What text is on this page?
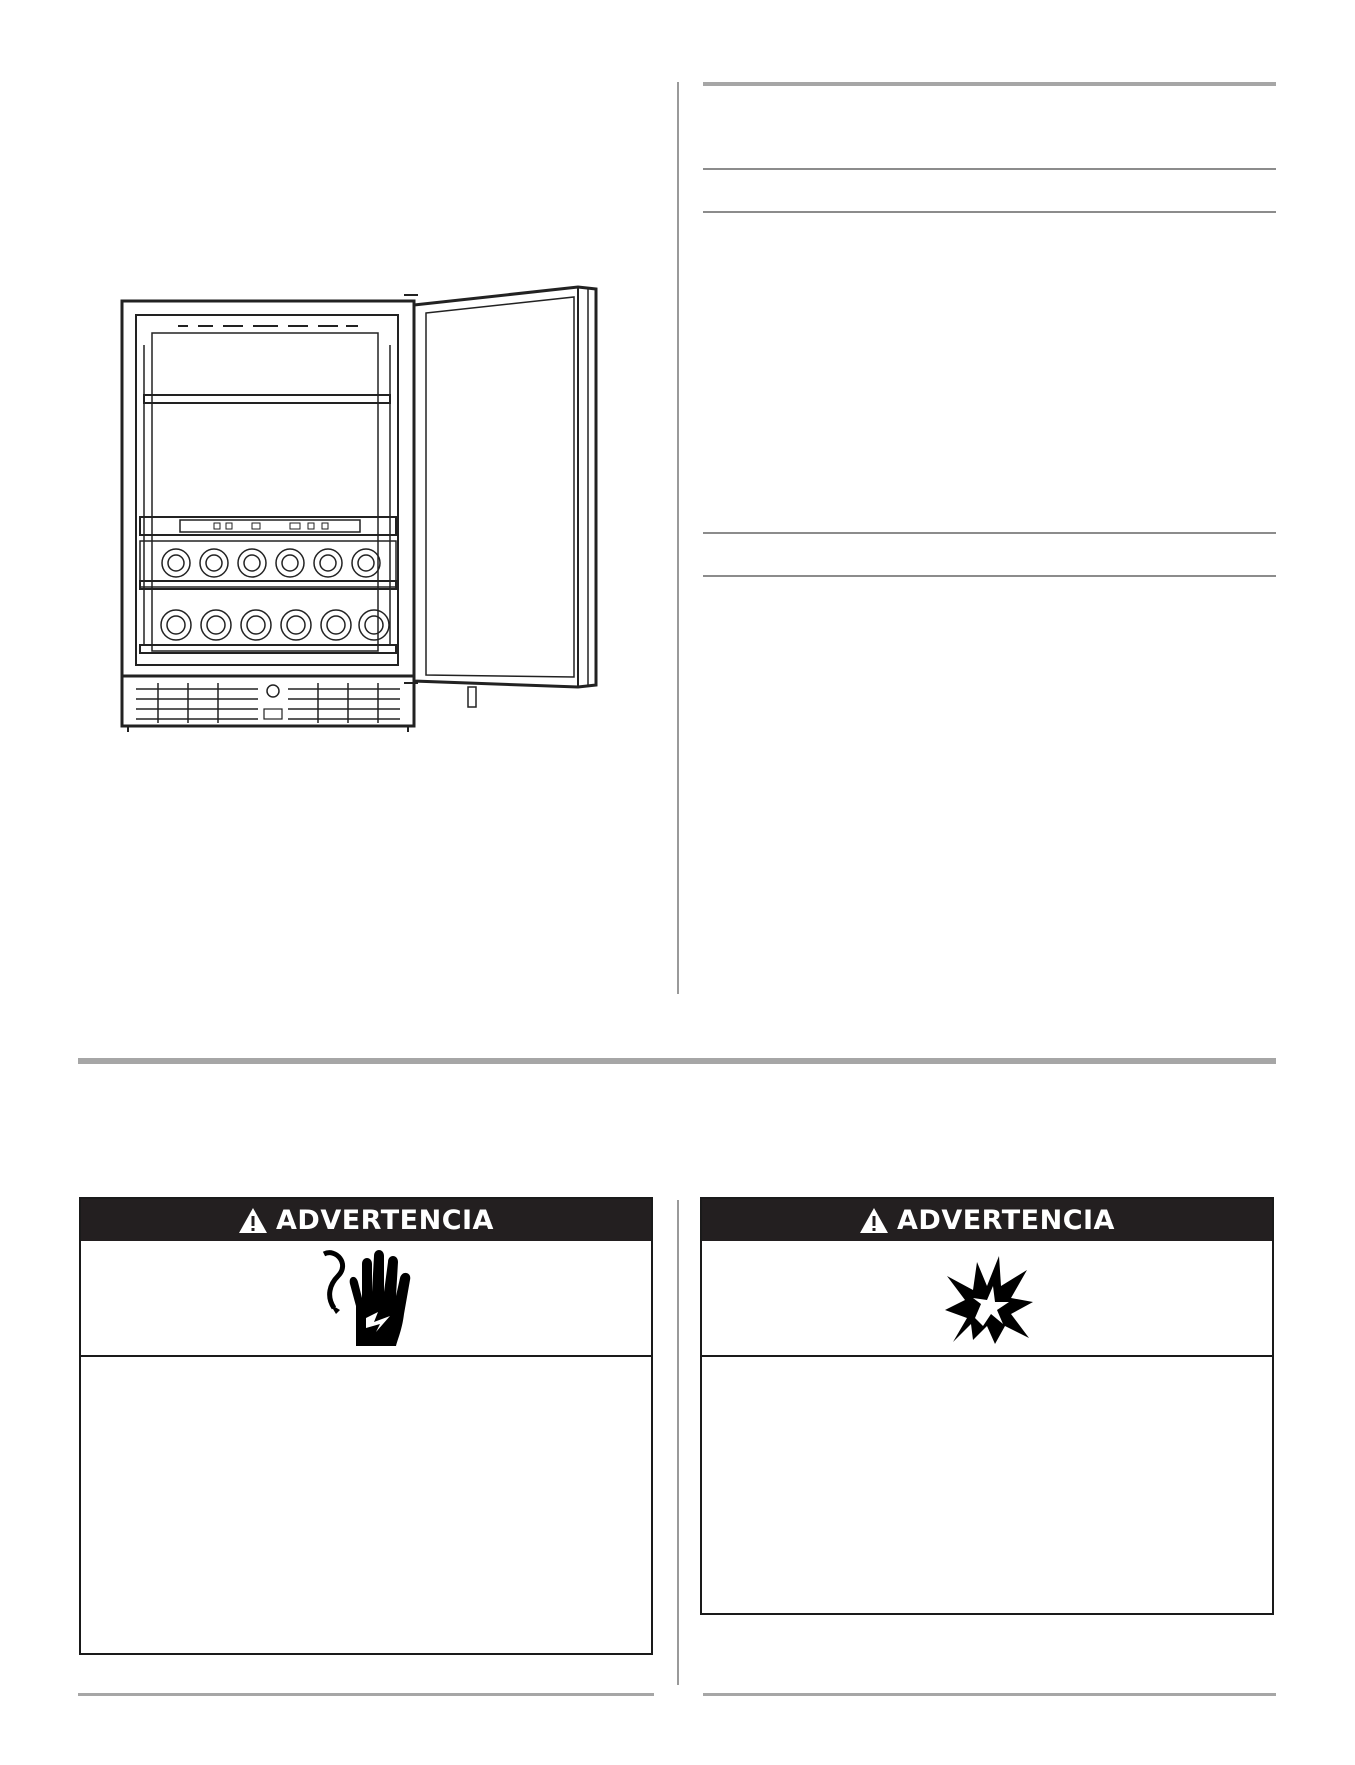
ADVERTENCIA	ADVERTENCIA
